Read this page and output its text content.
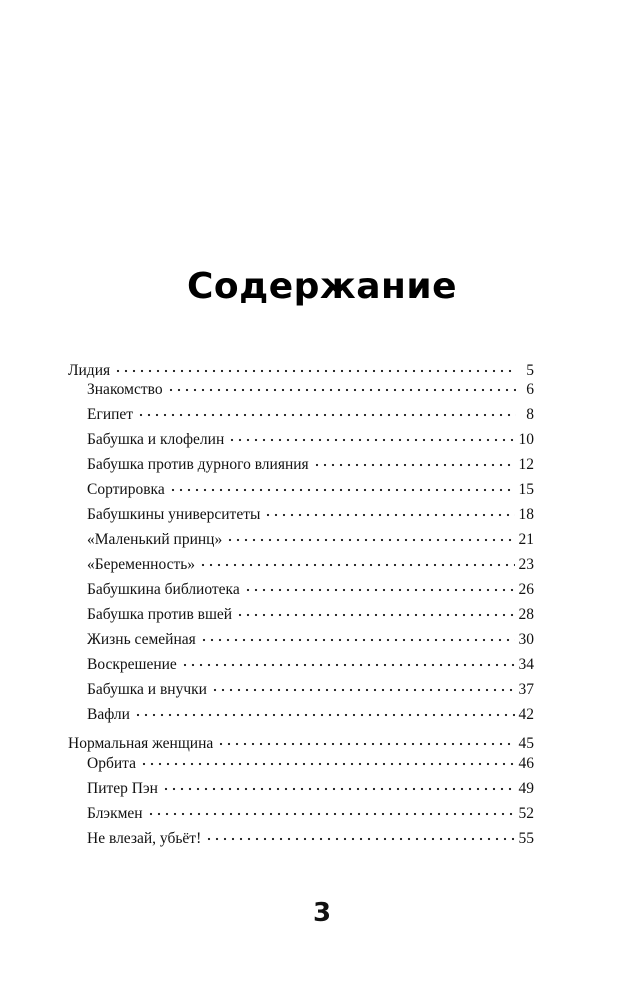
Содержание
Лидия	5
Знакомство	6
Египет	8
Бабушка и клофелин	10
Бабушка против дурного влияния	12
Сортировка	15
Бабушкины университеты	18
«Маленький принц»	21
«Беременность»	23
Бабушкина библиотека	26
Бабушка против вшей	28
Жизнь семейная	30
Воскрешение	34
Бабушка и внучки	37
Вафли	42
Нормальная женщина	45
Орбита	46
Питер Пэн	49
Блэкмен	52
Не влезай, убьёт!	55
3
